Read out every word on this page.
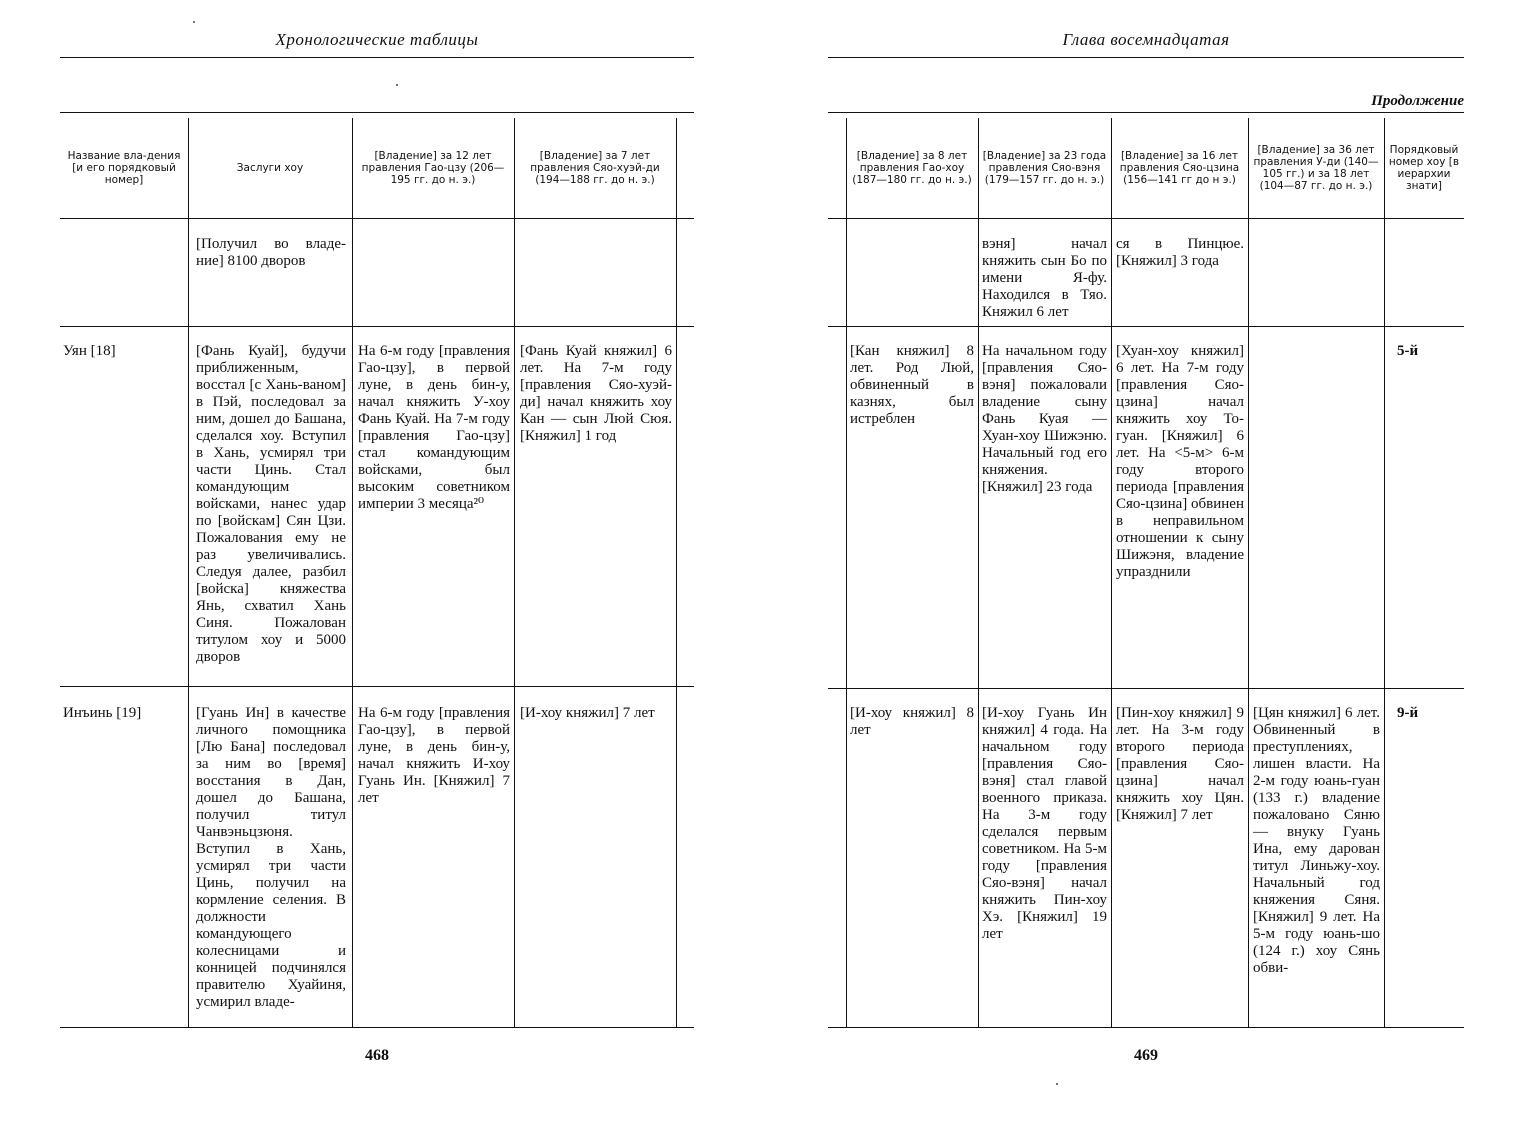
Хронологические таблицы
Название вла-дения [и его порядковый номер]
Заслуги хоу
[Владение] за 12 лет правления Гао-цзу (206—195 гг. до н. э.)
[Владение] за 7 лет правления Сяо-хуэй-ди (194—188 гг. до н. э.)
[Получил во владе-ние] 8100 дворов
Уян [18]	[Фань Куай], будучи приближенным, восстал [с Хань-ваном] в Пэй, последовал за ним, дошел до Башана, сделался хоу. Вступил в Хань, усмирял три части Цинь. Стал командующим войсками, нанес удар по [войскам] Сян Цзи. Пожалования ему не раз увеличивались. Следуя далее, разбил [войска] княжества Янь, схватил Хань Синя. Пожалован титулом хоу и 5000 дворов
На 6-м году [правления Гао-цзу], в первой луне, в день бин-у, начал княжить У-хоу Фань Куай. На 7-м году [правления Гао-цзу] стал командующим войсками, был высоким советником империи 3 месяца²⁰
[Фань Куай княжил] 6 лет. На 7-м году [правления Сяо-хуэй-ди] начал княжить хоу Кан — сын Люй Сюя. [Княжил] 1 год
Инъинь [19]	[Гуань Ин] в качестве личного помощника [Лю Бана] последовал за ним во [время] восстания в Дан, дошел до Башана, получил титул Чанвэньцзюня. Вступил в Хань, усмирял три части Цинь, получил на кормление селения. В должности командующего колесницами и конницей подчинялся правителю Хуайиня, усмирил владе-
На 6-м году [правления Гао-цзу], в первой луне, в день бин-у, начал княжить И-хоу Гуань Ин. [Княжил] 7 лет
[И-хоу княжил] 7 лет
468
Глава восемнадцатая
Продолжение
[Владение] за 8 лет правления Гао-хоу (187—180 гг. до н. э.)
[Владение] за 23 года правления Сяо-вэня (179—157 гг. до н. э.)
[Владение] за 16 лет правления Сяо-цзина (156—141 гг до н э.)
[Владение] за 36 лет правления У-ди (140—105 гг.) и за 18 лет (104—87 гг. до н. э.)
Порядковый номер хоу [в иерархии знати]
вэня] начал княжить сын Бо по имени Я-фу. Находился в Тяо. Княжил 6 лет
ся в Пинцюе. [Княжил] 3 года
[Кан княжил] 8 лет. Род Люй, обвиненный в казнях, был истреблен
На начальном году [правления Сяо-вэня] пожаловали владение сыну Фань Куая — Хуан-хоу Шижэню. Начальный год его княжения. [Княжил] 23 года
[Хуан-хоу княжил] 6 лет. На 7-м году [правления Сяо-цзина] начал княжить хоу То-гуан. [Княжил] 6 лет. На <5-м> 6-м году второго периода [правления Сяо-цзина] обвинен в неправильном отношении к сыну Шижэня, владение упразднили
5-й
[И-хоу княжил] 8 лет
[И-хоу Гуань Ин княжил] 4 года. На начальном году [правления Сяо-вэня] стал главой военного приказа. На 3-м году сделался первым советником. На 5-м году [правления Сяо-вэня] начал княжить Пин-хоу Хэ. [Княжил] 19 лет
[Пин-хоу княжил] 9 лет. На 3-м году второго периода [правления Сяо-цзина] начал княжить хоу Цян. [Княжил] 7 лет
[Цян княжил] 6 лет. Обвиненный в преступлениях, лишен власти. На 2-м году юань-гуан (133 г.) владение пожаловано Сяню — внуку Гуань Ина, ему дарован титул Линьжу-хоу. Начальный год княжения Сяня. [Княжил] 9 лет. На 5-м году юань-шо (124 г.) хоу Сянь обви-
9-й
469
